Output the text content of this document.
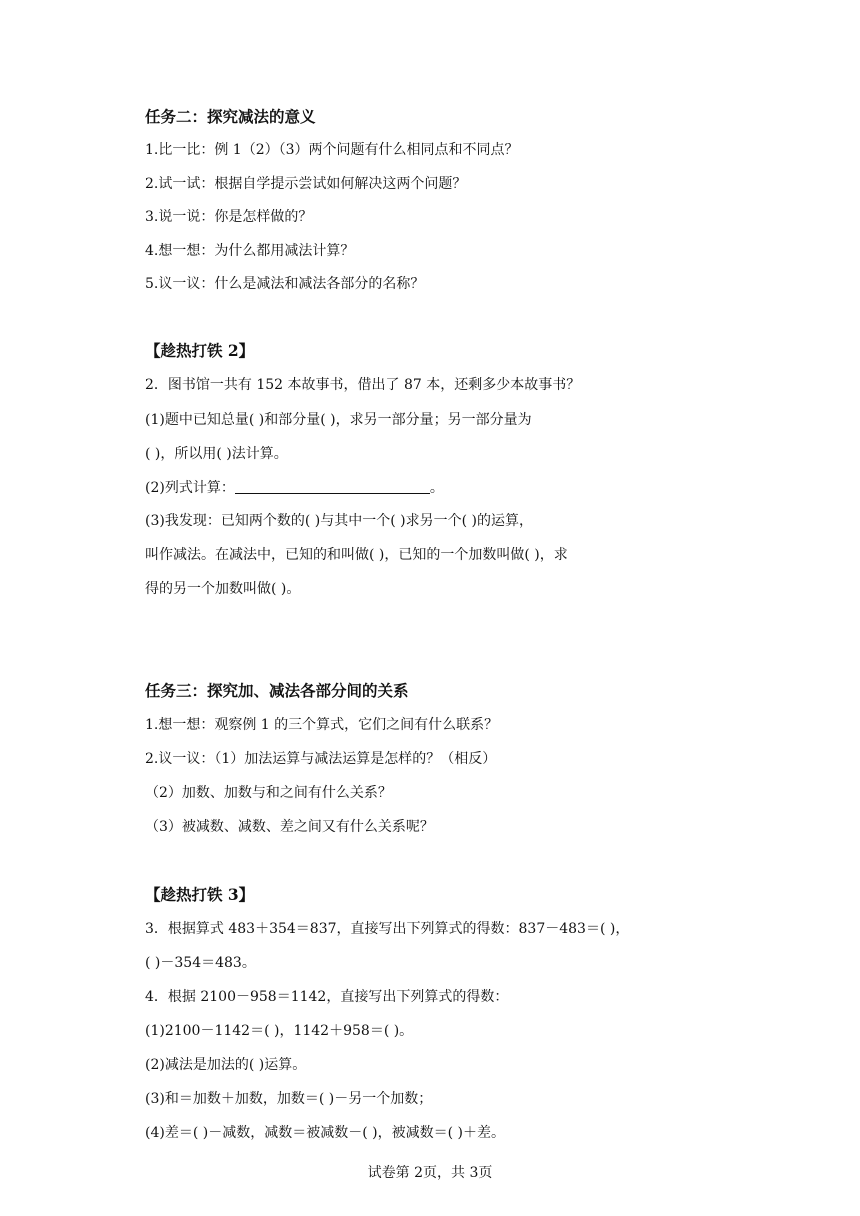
任务二：探究减法的意义
1.比一比：例 1（2）（3）两个问题有什么相同点和不同点？
2.试一试：根据自学提示尝试如何解决这两个问题？
3.说一说：你是怎样做的？
4.想一想：为什么都用减法计算？
5.议一议：什么是减法和减法各部分的名称？
【趁热打铁 2】
2．图书馆一共有 152 本故事书，借出了 87 本，还剩多少本故事书？
(1)题中已知总量( )和部分量( )，求另一部分量；另一部分量为
( )，所以用( )法计算。
(2)列式计算：	。
(3)我发现：已知两个数的( )与其中一个( )求另一个( )的运算，
叫作减法。在减法中，已知的和叫做( )，已知的一个加数叫做( )，求
得的另一个加数叫做( )。
任务三：探究加、减法各部分间的关系
1.想一想：观察例 1 的三个算式，它们之间有什么联系？
2.议一议：（1）加法运算与减法运算是怎样的？（相反）
（2）加数、加数与和之间有什么关系？
（3）被减数、减数、差之间又有什么关系呢？
【趁热打铁 3】
3．根据算式 483＋354＝837，直接写出下列算式的得数：837－483＝( )，
( )－354＝483。
4．根据 2100－958＝1142，直接写出下列算式的得数：
(1)2100－1142＝( )，1142＋958＝( )。
(2)减法是加法的( )运算。
(3)和＝加数＋加数，加数＝( )－另一个加数；
(4)差＝( )－减数，减数＝被减数－( )，被减数＝( )＋差。
试卷第 2页，共 3页
